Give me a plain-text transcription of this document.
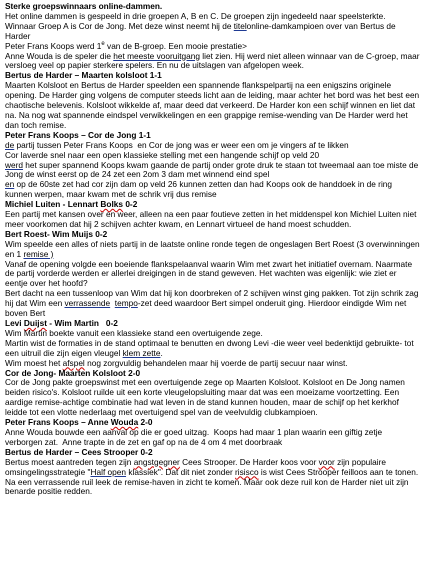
Sterke groepswinnaars online-dammen.

Het online dammen is gespeeld in drie groepen A, B en C. De groepen zijn ingedeeld naar speelsterkte.

Winnaar Groep A is Cor de Jong. Met deze winst neemt hij de titelonline-damkampioen over van Bertus de Harder

Peter Frans Koops werd 1e van de B-groep. Een mooie prestatie>

Anne Wouda is de speler die het meeste vooruitgang liet zien. Hij werd niet alleen winnaar van de C-groep, maar versloeg veel op papier sterkere spelers. En nu de uitslagen van afgelopen week.

Bertus de Harder – Maarten kolsloot 1-1

Maarten Kolsloot en Bertus de Harder speelden een spannende flankspelpartij na een enigszins originele opening. De Harder ging volgens de computer steeds licht aan de leiding, maar achter het bord was het best een chaotische belevenis. Kolsloot wikkelde af, maar deed dat verkeerd. De Harder kon een schijf winnen en liet dat na. Na nog wat spannende eindspel verwikkelingen en een grappige remise-wending van De Harder werd het dan toch remise.

Peter Frans Koops – Cor de Jong 1-1

de partij tussen Peter Frans Koops  en Cor de jong was er weer een om je vingers af te likken

Cor laverde snel naar een open klassieke stelling met een hangende schijf op veld 20

werd het super spannend Koops kwam gaande de partij onder grote druk te staan tot tweemaal aan toe miste de Jong de winst eerst op de 24 zet een 2om 3 dam met winnend eind spel

en op de 60ste zet had cor zijn dam op veld 26 kunnen zetten dan had Koops ook de handdoek in de ring kunnen werpen, maar kwam met de schrik vrij dus remise

Michiel Luiten - Lennart Bolks 0-2

Een partij met kansen over en weer, alleen na een paar foutieve zetten in het middenspel kon Michiel Luiten niet meer voorkomen dat hij 2 schijven achter kwam, en Lennart virtueel de hand moest schudden.

Bert Roest- Wim Muijs 0-2

Wim speelde een alles of niets partij in de laatste online ronde tegen de ongeslagen Bert Roest (3 overwinningen en 1 remise )

Vanaf de opening volgde een boeiende flankspelaanval waarin Wim met zwart het initiatief overnam. Naarmate de partij vorderde werden er allerlei dreigingen in de stand geweven. Het wachten was eigenlijk: wie ziet er eentje over het hoofd?

Bert dacht na een tussenloop van Wim dat hij kon doorbreken of 2 schijven winst ging pakken. Tot zijn schrik zag hij dat Wim een verrassende tempo-zet deed waardoor Bert simpel onderuit ging. Hierdoor eindigde Wim net boven Bert

Levi Duijst - Wim Martin   0-2

Wim Martin boekte vanuit een klassieke stand een overtuigende zege.

Martin wist de formaties in de stand optimaal te benutten en dwong Levi -die weer veel bedenktijd gebruikte- tot een uitruil die zijn eigen vleugel klem zette.

Wim moest het afspel nog zorgvuldig behandelen maar hij voerde de partij secuur naar winst.

Cor de Jong- Maarten Kolsloot 2-0

Cor de Jong pakte groepswinst met een overtuigende zege op Maarten Kolsloot. Kolsloot en De Jong namen beiden risico's. Kolsloot ruilde uit een korte vleugelopsluiting maar dat was een moeizame voortzetting. Een aardige remise-achtige combinatie had wat leven in de stand kunnen houden, maar de schijf op het kerkhof leidde tot een vlotte nederlaag met overtuigend spel van de veelvuldig clubkampioen.

Peter Frans Koops – Anne Wouda 2-0

Anne Wouda bouwde een aanval op die er goed uitzag.  Koops had maar 1 plan waarin een giftig zetje verborgen zat.  Anne trapte in de zet en gaf op na de 4 om 4 met doorbraak

Bertus de Harder – Cees Strooper 0-2

Bertus moest aantreden tegen zijn angstgegner Cees Strooper. De Harder koos voor voor zijn populaire omsingelingsstrategie "Half open klassiek". Dat dit niet zonder risisco is wist Cees Strooper feilloos aan te tonen. Na een verrassende ruil leek de remise-haven in zicht te komen. Maar ook deze ruil kon de Harder niet uit zijn benarde positie redden.
